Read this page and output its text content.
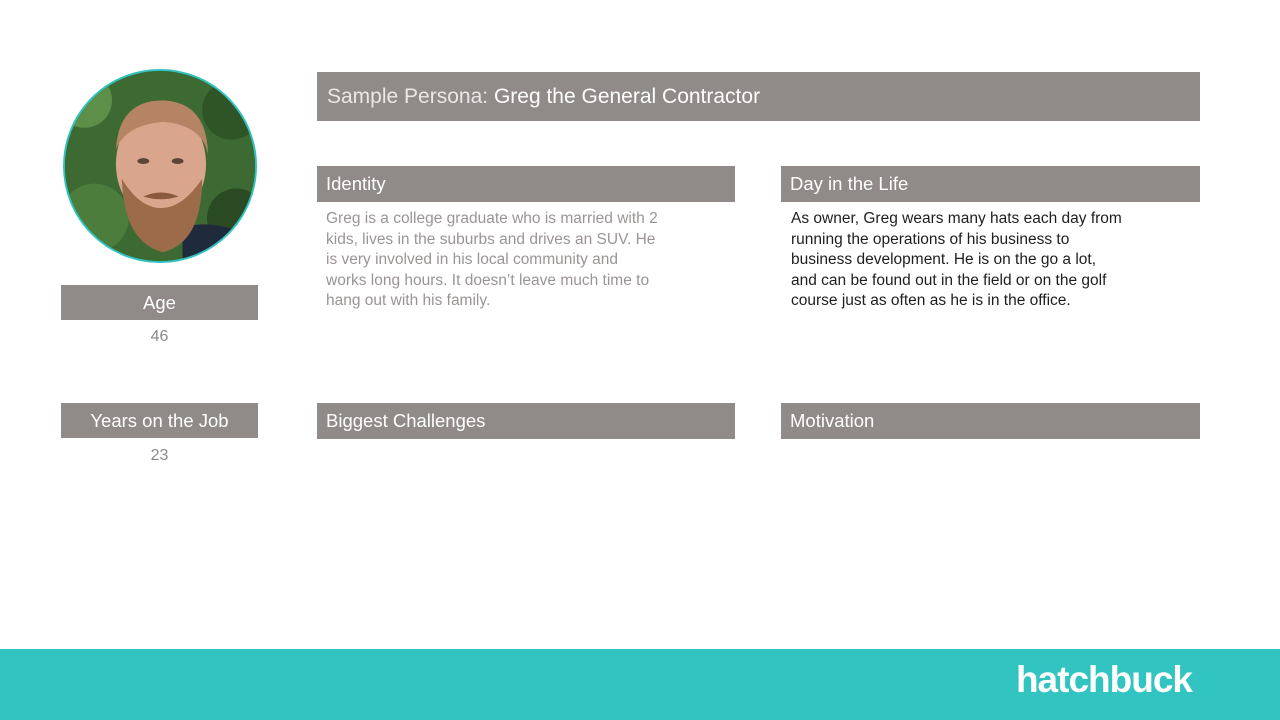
Sample Persona:
Greg the General Contractor
Identity	Day in the Life
Biggest Challenges	Motivation
Age
46
Years on the Job
23

Greg is a college graduate who is married with 2
kids, lives in the suburbs and drives an SUV. He
is very involved in his local community and
works long hours. It doesn’t leave much time to
hang out with his family.

As owner, Greg wears many hats each day from
running the operations of his business to
business development. He is on the go a lot,
and can be found out in the field or on the golf
course just as often as he is in the office.

hatchbuck
